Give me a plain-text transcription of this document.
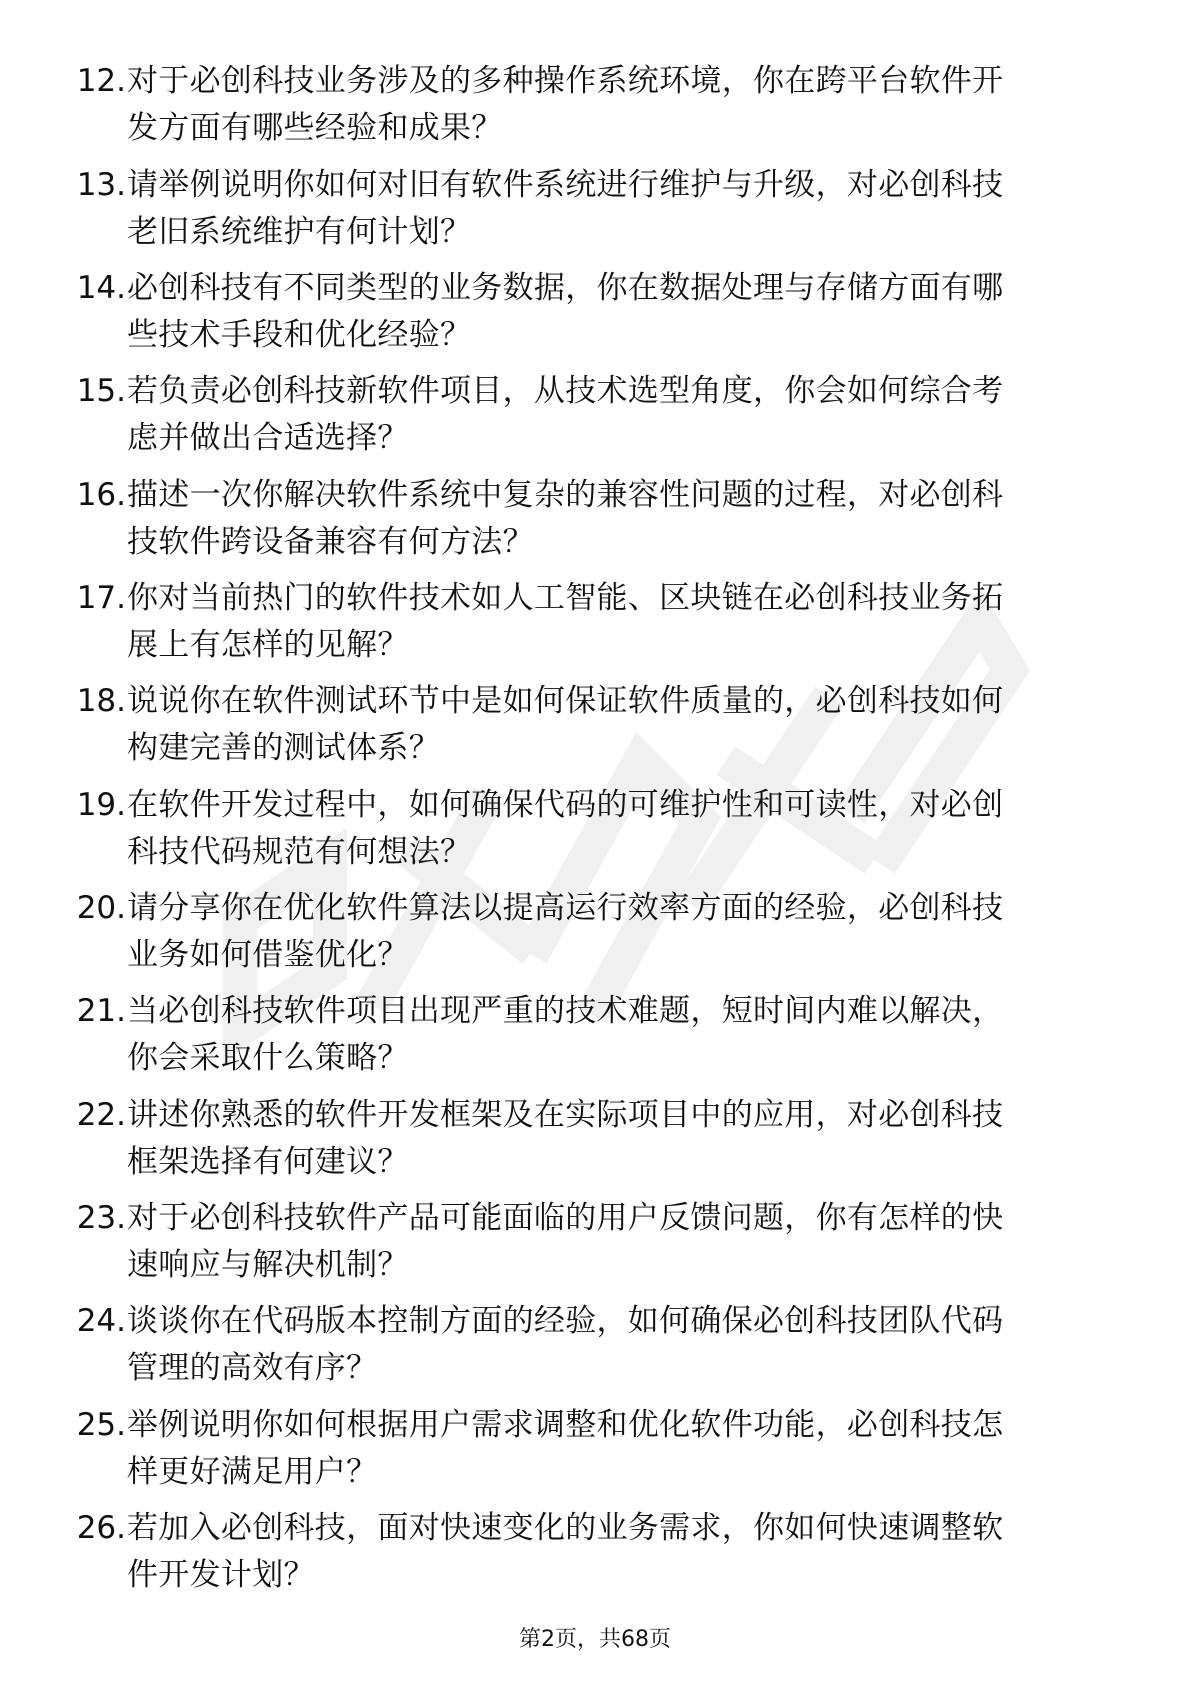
12. 对于必创科技业务涉及的多种操作系统环境，你在跨平台软件开
发方面有哪些经验和成果？
13. 请举例说明你如何对旧有软件系统进行维护与升级，对必创科技
老旧系统维护有何计划？
14. 必创科技有不同类型的业务数据，你在数据处理与存储方面有哪
些技术手段和优化经验？
15. 若负责必创科技新软件项目，从技术选型角度，你会如何综合考
虑并做出合适选择？
16. 描述一次你解决软件系统中复杂的兼容性问题的过程，对必创科
技软件跨设备兼容有何方法？
17. 你对当前热门的软件技术如人工智能、区块链在必创科技业务拓
展上有怎样的见解？
18. 说说你在软件测试环节中是如何保证软件质量的，必创科技如何
构建完善的测试体系？
19. 在软件开发过程中，如何确保代码的可维护性和可读性，对必创
科技代码规范有何想法？
20. 请分享你在优化软件算法以提高运行效率方面的经验，必创科技
业务如何借鉴优化？
21. 当必创科技软件项目出现严重的技术难题，短时间内难以解决，
你会采取什么策略？
22. 讲述你熟悉的软件开发框架及在实际项目中的应用，对必创科技
框架选择有何建议？
23. 对于必创科技软件产品可能面临的用户反馈问题，你有怎样的快
速响应与解决机制？
24. 谈谈你在代码版本控制方面的经验，如何确保必创科技团队代码
管理的高效有序？
25. 举例说明你如何根据用户需求调整和优化软件功能，必创科技怎
样更好满足用户？
26. 若加入必创科技，面对快速变化的业务需求，你如何快速调整软
件开发计划？
第2页，共68页
